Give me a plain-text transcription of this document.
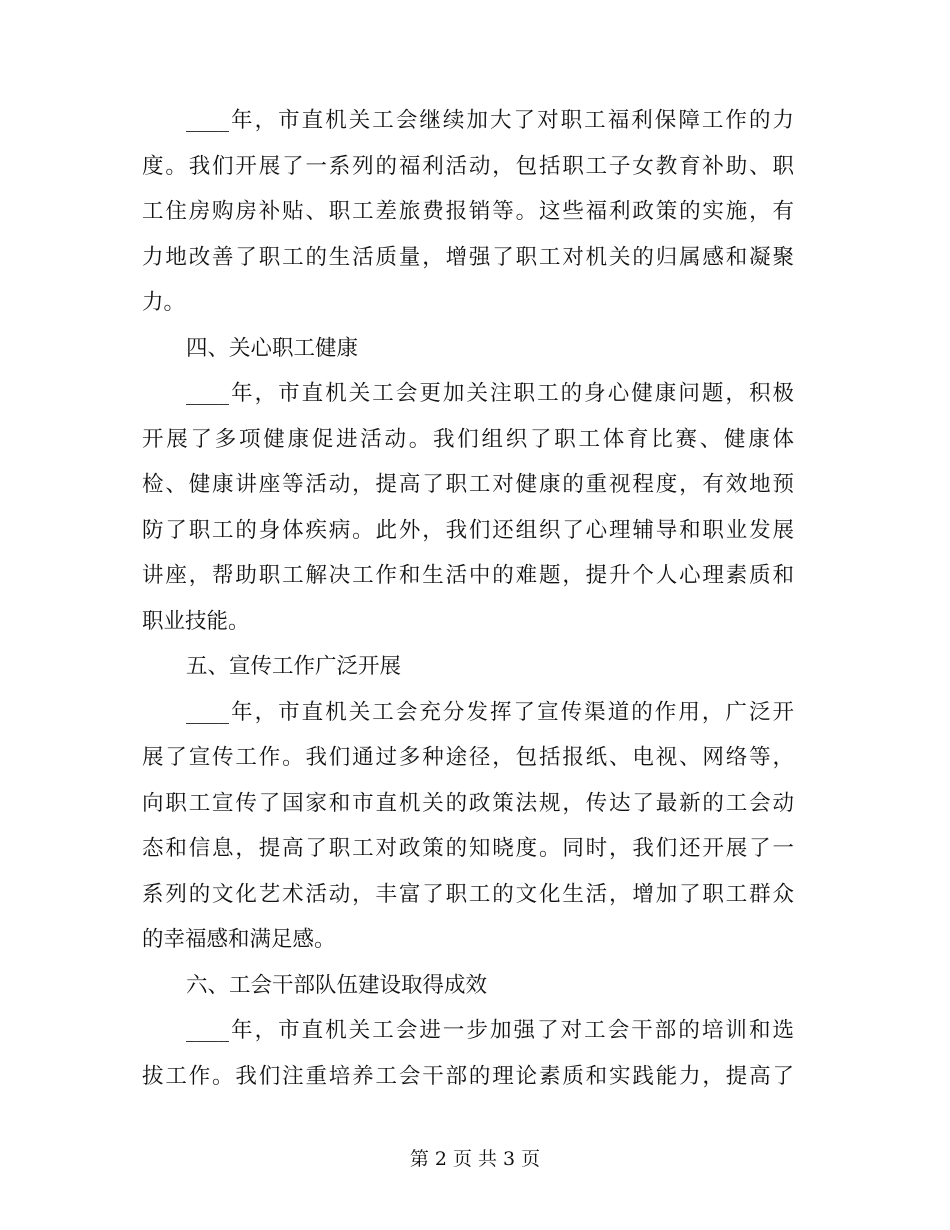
____年，市直机关工会继续加大了对职工福利保障工作的力
度。我们开展了一系列的福利活动，包括职工子女教育补助、职
工住房购房补贴、职工差旅费报销等。这些福利政策的实施，有
力地改善了职工的生活质量，增强了职工对机关的归属感和凝聚
力。
四、关心职工健康
____年，市直机关工会更加关注职工的身心健康问题，积极
开展了多项健康促进活动。我们组织了职工体育比赛、健康体
检、健康讲座等活动，提高了职工对健康的重视程度，有效地预
防了职工的身体疾病。此外，我们还组织了心理辅导和职业发展
讲座，帮助职工解决工作和生活中的难题，提升个人心理素质和
职业技能。
五、宣传工作广泛开展
____年，市直机关工会充分发挥了宣传渠道的作用，广泛开
展了宣传工作。我们通过多种途径，包括报纸、电视、网络等，
向职工宣传了国家和市直机关的政策法规，传达了最新的工会动
态和信息，提高了职工对政策的知晓度。同时，我们还开展了一
系列的文化艺术活动，丰富了职工的文化生活，增加了职工群众
的幸福感和满足感。
六、工会干部队伍建设取得成效
____年，市直机关工会进一步加强了对工会干部的培训和选
拔工作。我们注重培养工会干部的理论素质和实践能力，提高了
第 2 页 共 3 页
